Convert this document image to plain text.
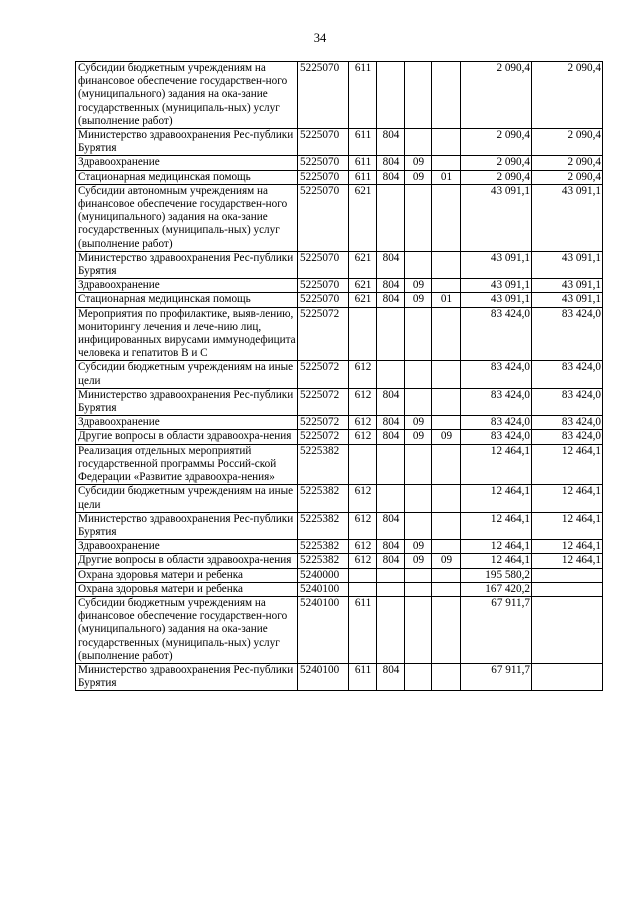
34
Субсидии бюджетным учреждениям на финансовое обеспечение государствен-ного (муниципального) задания на ока-зание государственных (муниципаль-ных) услуг (выполнение работ)	5225070	611				2 090,4	2 090,4
Министерство здравоохранения Рес-публики Бурятия	5225070	611	804			2 090,4	2 090,4
Здравоохранение	5225070	611	804	09		2 090,4	2 090,4
Стационарная медицинская помощь	5225070	611	804	09	01	2 090,4	2 090,4
Субсидии автономным учреждениям на финансовое обеспечение государствен-ного (муниципального) задания на ока-зание государственных (муниципаль-ных) услуг (выполнение работ)	5225070	621				43 091,1	43 091,1
Министерство здравоохранения Рес-публики Бурятия	5225070	621	804			43 091,1	43 091,1
Здравоохранение	5225070	621	804	09		43 091,1	43 091,1
Стационарная медицинская помощь	5225070	621	804	09	01	43 091,1	43 091,1
Мероприятия по профилактике, выяв-лению, мониторингу лечения и лече-нию лиц, инфицированных вирусами иммунодефицита человека и гепатитов В и С	5225072					83 424,0	83 424,0
Субсидии бюджетным учреждениям на иные цели	5225072	612				83 424,0	83 424,0
Министерство здравоохранения Рес-публики Бурятия	5225072	612	804			83 424,0	83 424,0
Здравоохранение	5225072	612	804	09		83 424,0	83 424,0
Другие вопросы в области здравоохра-нения	5225072	612	804	09	09	83 424,0	83 424,0
Реализация отдельных мероприятий государственной программы Россий-ской Федерации «Развитие здравоохра-нения»	5225382					12 464,1	12 464,1
Субсидии бюджетным учреждениям на иные цели	5225382	612				12 464,1	12 464,1
Министерство здравоохранения Рес-публики Бурятия	5225382	612	804			12 464,1	12 464,1
Здравоохранение	5225382	612	804	09		12 464,1	12 464,1
Другие вопросы в области здравоохра-нения	5225382	612	804	09	09	12 464,1	12 464,1
Охрана здоровья матери и ребенка	5240000					195 580,2	
Охрана здоровья матери и ребенка	5240100					167 420,2	
Субсидии бюджетным учреждениям на финансовое обеспечение государствен-ного (муниципального) задания на ока-зание государственных (муниципаль-ных) услуг (выполнение работ)	5240100	611				67 911,7	
Министерство здравоохранения Рес-публики Бурятия	5240100	611	804			67 911,7	
